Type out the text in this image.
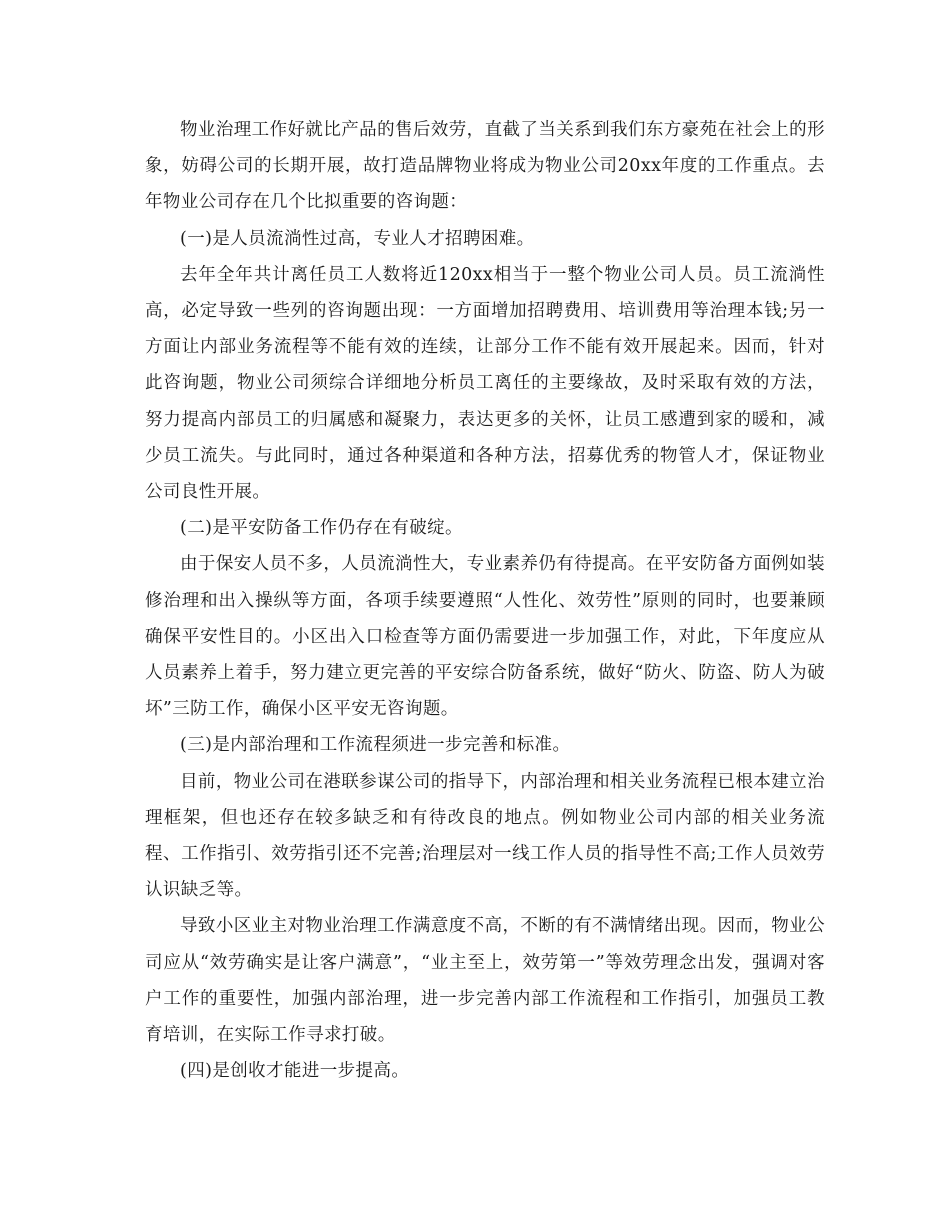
物业治理工作好就比产品的售后效劳，直截了当关系到我们东方豪苑在社会上的形象，妨碍公司的长期开展，故打造品牌物业将成为物业公司20xx年度的工作重点。去年物业公司存在几个比拟重要的咨询题：

(一)是人员流淌性过高，专业人才招聘困难。

去年全年共计离任员工人数将近120xx相当于一整个物业公司人员。员工流淌性高，必定导致一些列的咨询题出现：一方面增加招聘费用、培训费用等治理本钱;另一方面让内部业务流程等不能有效的连续，让部分工作不能有效开展起来。因而，针对此咨询题，物业公司须综合详细地分析员工离任的主要缘故，及时采取有效的方法，努力提高内部员工的归属感和凝聚力，表达更多的关怀，让员工感遭到家的暖和，减少员工流失。与此同时，通过各种渠道和各种方法，招募优秀的物管人才，保证物业公司良性开展。

(二)是平安防备工作仍存在有破绽。

由于保安人员不多，人员流淌性大，专业素养仍有待提高。在平安防备方面例如装修治理和出入操纵等方面，各项手续要遵照“人性化、效劳性”原则的同时，也要兼顾确保平安性目的。小区出入口检查等方面仍需要进一步加强工作，对此，下年度应从人员素养上着手，努力建立更完善的平安综合防备系统，做好“防火、防盗、防人为破坏”三防工作，确保小区平安无咨询题。

(三)是内部治理和工作流程须进一步完善和标准。

目前，物业公司在港联参谋公司的指导下，内部治理和相关业务流程已根本建立治理框架，但也还存在较多缺乏和有待改良的地点。例如物业公司内部的相关业务流程、工作指引、效劳指引还不完善;治理层对一线工作人员的指导性不高;工作人员效劳认识缺乏等。

导致小区业主对物业治理工作满意度不高，不断的有不满情绪出现。因而，物业公司应从“效劳确实是让客户满意”，“业主至上，效劳第一”等效劳理念出发，强调对客户工作的重要性，加强内部治理，进一步完善内部工作流程和工作指引，加强员工教育培训，在实际工作寻求打破。

(四)是创收才能进一步提高。
